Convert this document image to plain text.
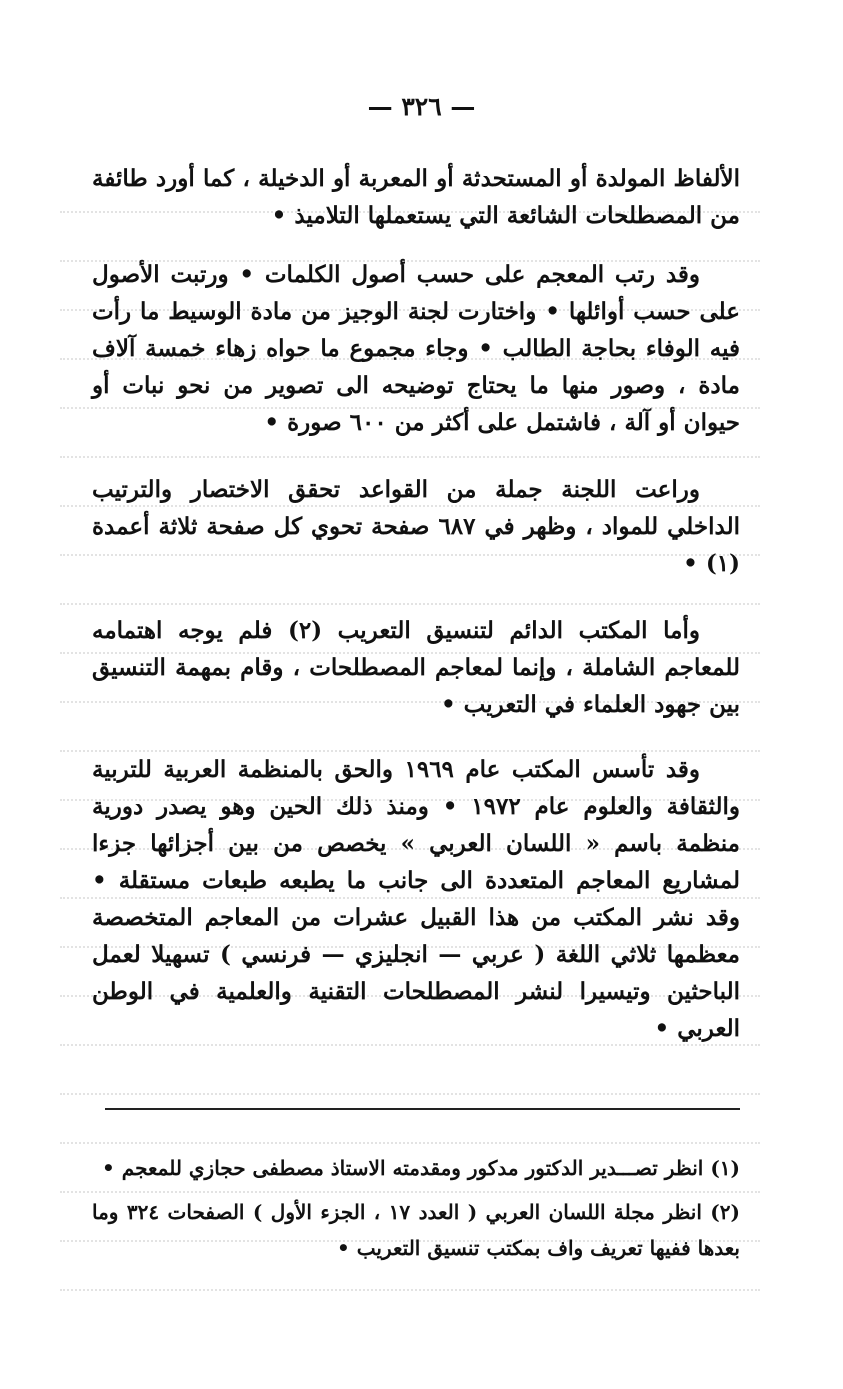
— ٣٢٦ —

الألفاظ المولدة أو المستحدثة أو المعربة أو الدخيلة ، كما أورد طائفة من المصطلحات الشائعة التي يستعملها التلاميذ •

وقد رتب المعجم على حسب أصول الكلمات • ورتبت الأصول على حسب أوائلها • واختارت لجنة الوجيز من مادة الوسيط ما رأت فيه الوفاء بحاجة الطالب • وجاء مجموع ما حواه زهاء خمسة آلاف مادة ، وصور منها ما يحتاج توضيحه الى تصوير من نحو نبات أو حيوان أو آلة ، فاشتمل على أكثر من ٦٠٠ صورة •

وراعت اللجنة جملة من القواعد تحقق الاختصار والترتيب الداخلي للمواد ، وظهر في ٦٨٧ صفحة تحوي كل صفحة ثلاثة أعمدة (١) •

وأما المكتب الدائم لتنسيق التعريب (٢) فلم يوجه اهتمامه للمعاجم الشاملة ، وإنما لمعاجم المصطلحات ، وقام بمهمة التنسيق بين جهود العلماء في التعريب •

وقد تأسس المكتب عام ١٩٦٩ والحق بالمنظمة العربية للتربية والثقافة والعلوم عام ١٩٧٢ • ومنذ ذلك الحين وهو يصدر دورية منظمة باسم « اللسان العربي » يخصص من بين أجزائها جزءا لمشاريع المعاجم المتعددة الى جانب ما يطبعه طبعات مستقلة • وقد نشر المكتب من هذا القبيل عشرات من المعاجم المتخصصة معظمها ثلاثي اللغة ( عربي — انجليزي — فرنسي ) تسهيلا لعمل الباحثين وتيسيرا لنشر المصطلحات التقنية والعلمية في الوطن العربي •

(١) انظر تصـــدير الدكتور مدكور ومقدمته الاستاذ مصطفى حجازي للمعجم •

(٢) انظر مجلة اللسان العربي ( العدد ١٧ ، الجزء الأول ) الصفحات ٣٢٤ وما بعدها ففيها تعريف واف بمكتب تنسيق التعريب •
